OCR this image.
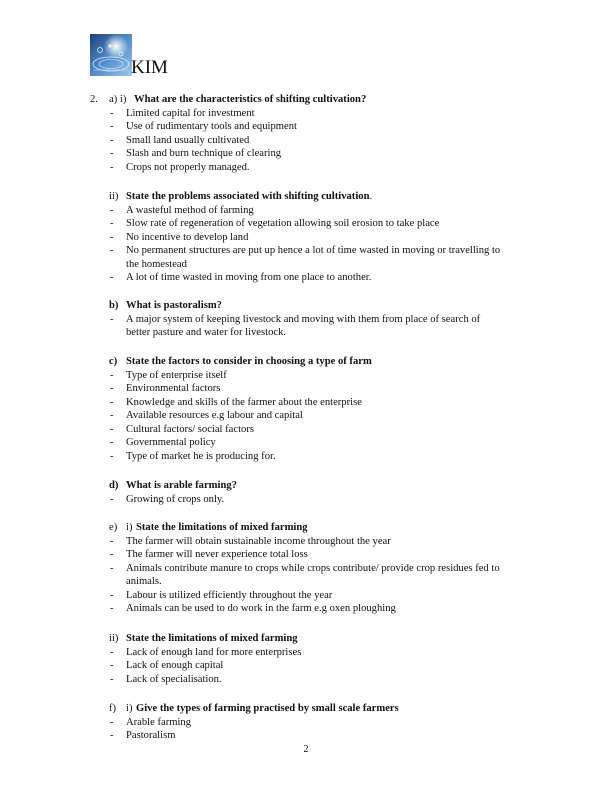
KIM
2. a) i) What are the characteristics of shifting cultivation?
- Limited capital for investment
- Use of rudimentary tools and equipment
- Small land usually cultivated
- Slash and burn technique of clearing
- Crops not properly managed.
ii) State the problems associated with shifting cultivation.
- A wasteful method of farming
- Slow rate of regeneration of vegetation allowing soil erosion to take place
- No incentive to develop land
- No permanent structures are put up hence a lot of time wasted in moving or travelling to
the homestead
- A lot of time wasted in moving from one place to another.
b) What is pastoralism?
- A major system of keeping livestock and moving with them from place of search of
better pasture and water for livestock.
c) State the factors to consider in choosing a type of farm
- Type of enterprise itself
- Environmental factors
- Knowledge and skills of the farmer about the enterprise
- Available resources e.g labour and capital
- Cultural factors/ social factors
- Governmental policy
- Type of market he is producing for.
d) What is arable farming?
- Growing of crops only.
e) i) State the limitations of mixed farming
- The farmer will obtain sustainable income throughout the year
- The farmer will never experience total loss
- Animals contribute manure to crops while crops contribute/ provide crop residues fed to
animals.
- Labour is utilized efficiently throughout the year
- Animals can be used to do work in the farm e.g oxen ploughing
ii) State the limitations of mixed farming
- Lack of enough land for more enterprises
- Lack of enough capital
- Lack of specialisation.
f) i) Give the types of farming practised by small scale farmers
- Arable farming
- Pastoralism
2
